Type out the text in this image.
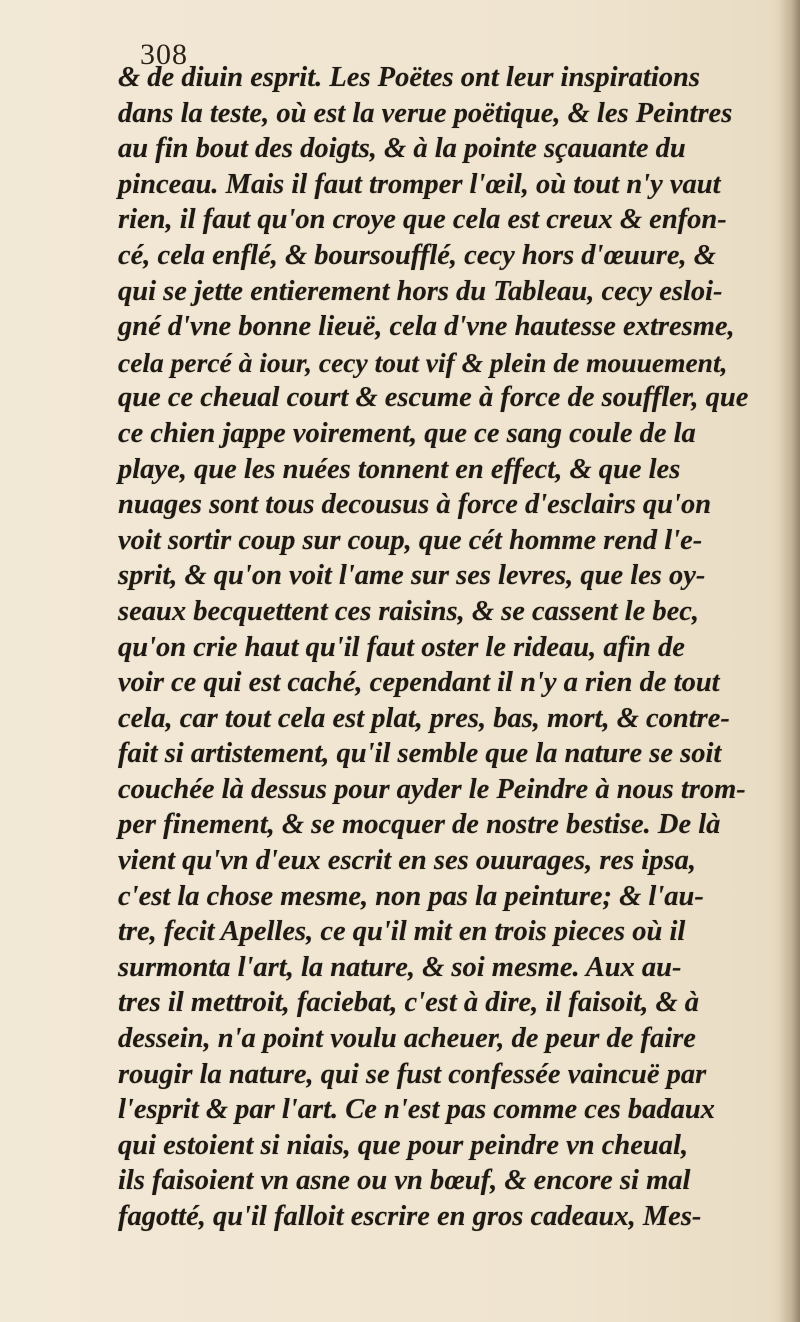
308
& de diuin esprit. Les Poëtes ont leur inspirations
dans la teste, où est la verue poëtique, & les Peintres
au fin bout des doigts, & à la pointe sçauante du
pinceau. Mais il faut tromper l'œil, où tout n'y vaut
rien, il faut qu'on croye que cela est creux & enfon-
cé, cela enflé, & boursoufflé, cecy hors d'œuure, &
qui se jette entierement hors du Tableau, cecy esloi-
gné d'vne bonne lieuë, cela d'vne hautesse extresme,
cela percé à iour, cecy tout vif & plein de mouuement,
que ce cheual court & escume à force de souffler, que
ce chien jappe voirement, que ce sang coule de la
playe, que les nuées tonnent en effect, & que les
nuages sont tous decousus à force d'esclairs qu'on
voit sortir coup sur coup, que cét homme rend l'e-
sprit, & qu'on voit l'ame sur ses levres, que les oy-
seaux becquettent ces raisins, & se cassent le bec,
qu'on crie haut qu'il faut oster le rideau, afin de
voir ce qui est caché, cependant il n'y a rien de tout
cela, car tout cela est plat, pres, bas, mort, & contre-
fait si artistement, qu'il semble que la nature se soit
couchée là dessus pour ayder le Peindre à nous trom-
per finement, & se mocquer de nostre bestise. De là
vient qu'vn d'eux escrit en ses ouurages, res ipsa,
c'est la chose mesme, non pas la peinture; & l'au-
tre, fecit Apelles, ce qu'il mit en trois pieces où il
surmonta l'art, la nature, & soi mesme. Aux au-
tres il mettroit, faciebat, c'est à dire, il faisoit, & à
dessein, n'a point voulu acheuer, de peur de faire
rougir la nature, qui se fust confessée vaincuë par
l'esprit & par l'art. Ce n'est pas comme ces badaux
qui estoient si niais, que pour peindre vn cheual,
ils faisoient vn asne ou vn bœuf, & encore si mal
fagotté, qu'il falloit escrire en gros cadeaux, Mes-
